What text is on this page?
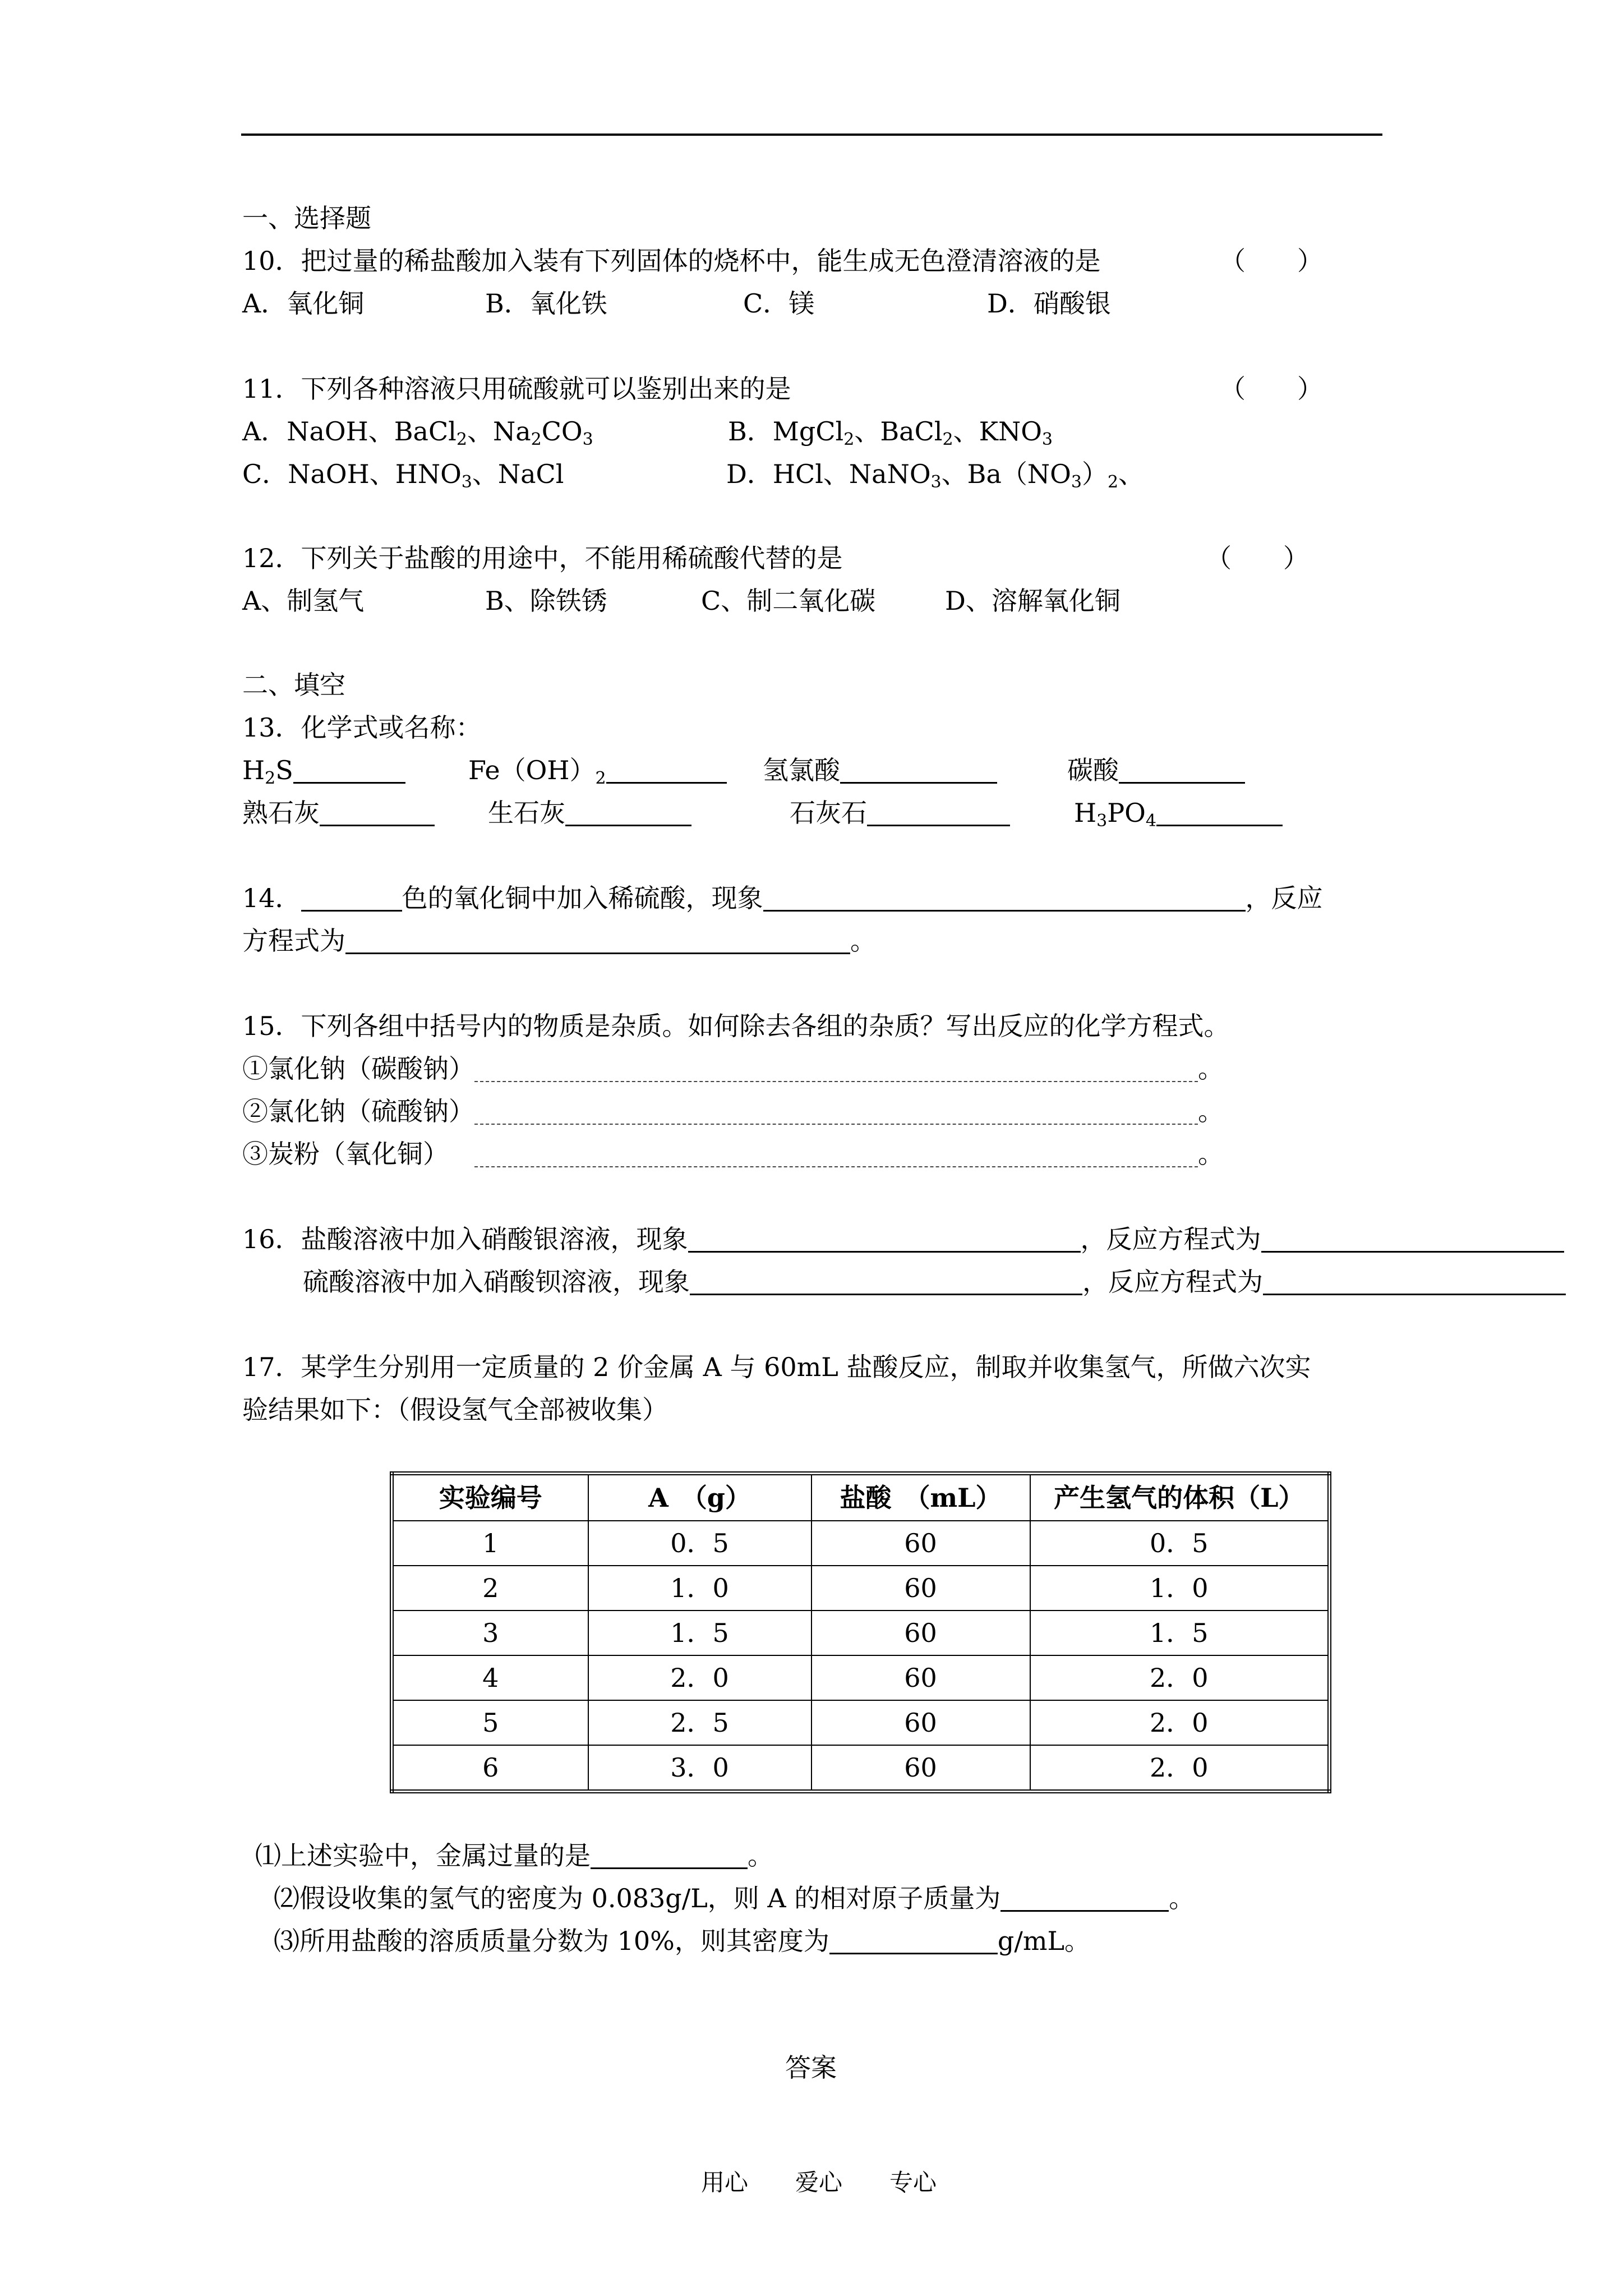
一、选择题
10．把过量的稀盐酸加入装有下列固体的烧杯中，能生成无色澄清溶液的是	（　　）
A．氧化铜	B．氧化铁	C．镁	D．硝酸银
11．下列各种溶液只用硫酸就可以鉴别出来的是	（　　）
A．NaOH、BaCl$_2$、$Na_2CO_3$	B．MgCl$_2$、BaCl$_2$、$KNO_3$
C．NaOH、$HNO_3$、NaCl	D．HCl、NaNO$_3$、$Ba(NO_3)_2$、
12．下列关于盐酸的用途中，不能用稀硫酸代替的是	（　　）
A、制氢气	B、除铁锈	C、制二氧化碳	D、溶解氧化铜
二、填空
13．化学式或名称：
$H_2S$	$Fe(OH)_2$	氢氯酸	碳酸
熟石灰	生石灰	石灰石	$H_3PO_4$
14．	色的氧化铜中加入稀硫酸，现象	，反应
方程式为	。
15．下列各组中括号内的物质是杂质。如何除去各组的杂质？写出反应的化学方程式。
①氯化钠（碳酸钠）	。
②氯化钠（硫酸钠）	。
③炭粉（氧化铜）	。
16．盐酸溶液中加入硝酸银溶液，现象	，反应方程式为
硫酸溶液中加入硝酸钡溶液，现象	，反应方程式为
17．某学生分别用一定质量的 2 价金属 A 与 60mL 盐酸反应，制取并收集氢气，所做六次实
验结果如下：（假设氢气全部被收集）
实验编号	A　（g）	盐酸　（mL）	产生氢气的体积（L）
1	0．5	60	0．5
2	1．0	60	1．0
3	1．5	60	1．5
4	2．0	60	2．0
5	2．5	60	2．0
6	3．0	60	2．0
⑴上述实验中，金属过量的是	。
⑵假设收集的氢气的密度为 0.083g/L，则 A 的相对原子质量为	。
⑶所用盐酸的溶质质量分数为 10%，则其密度为	g/mL。
答案
用心　　爱心　　专心
